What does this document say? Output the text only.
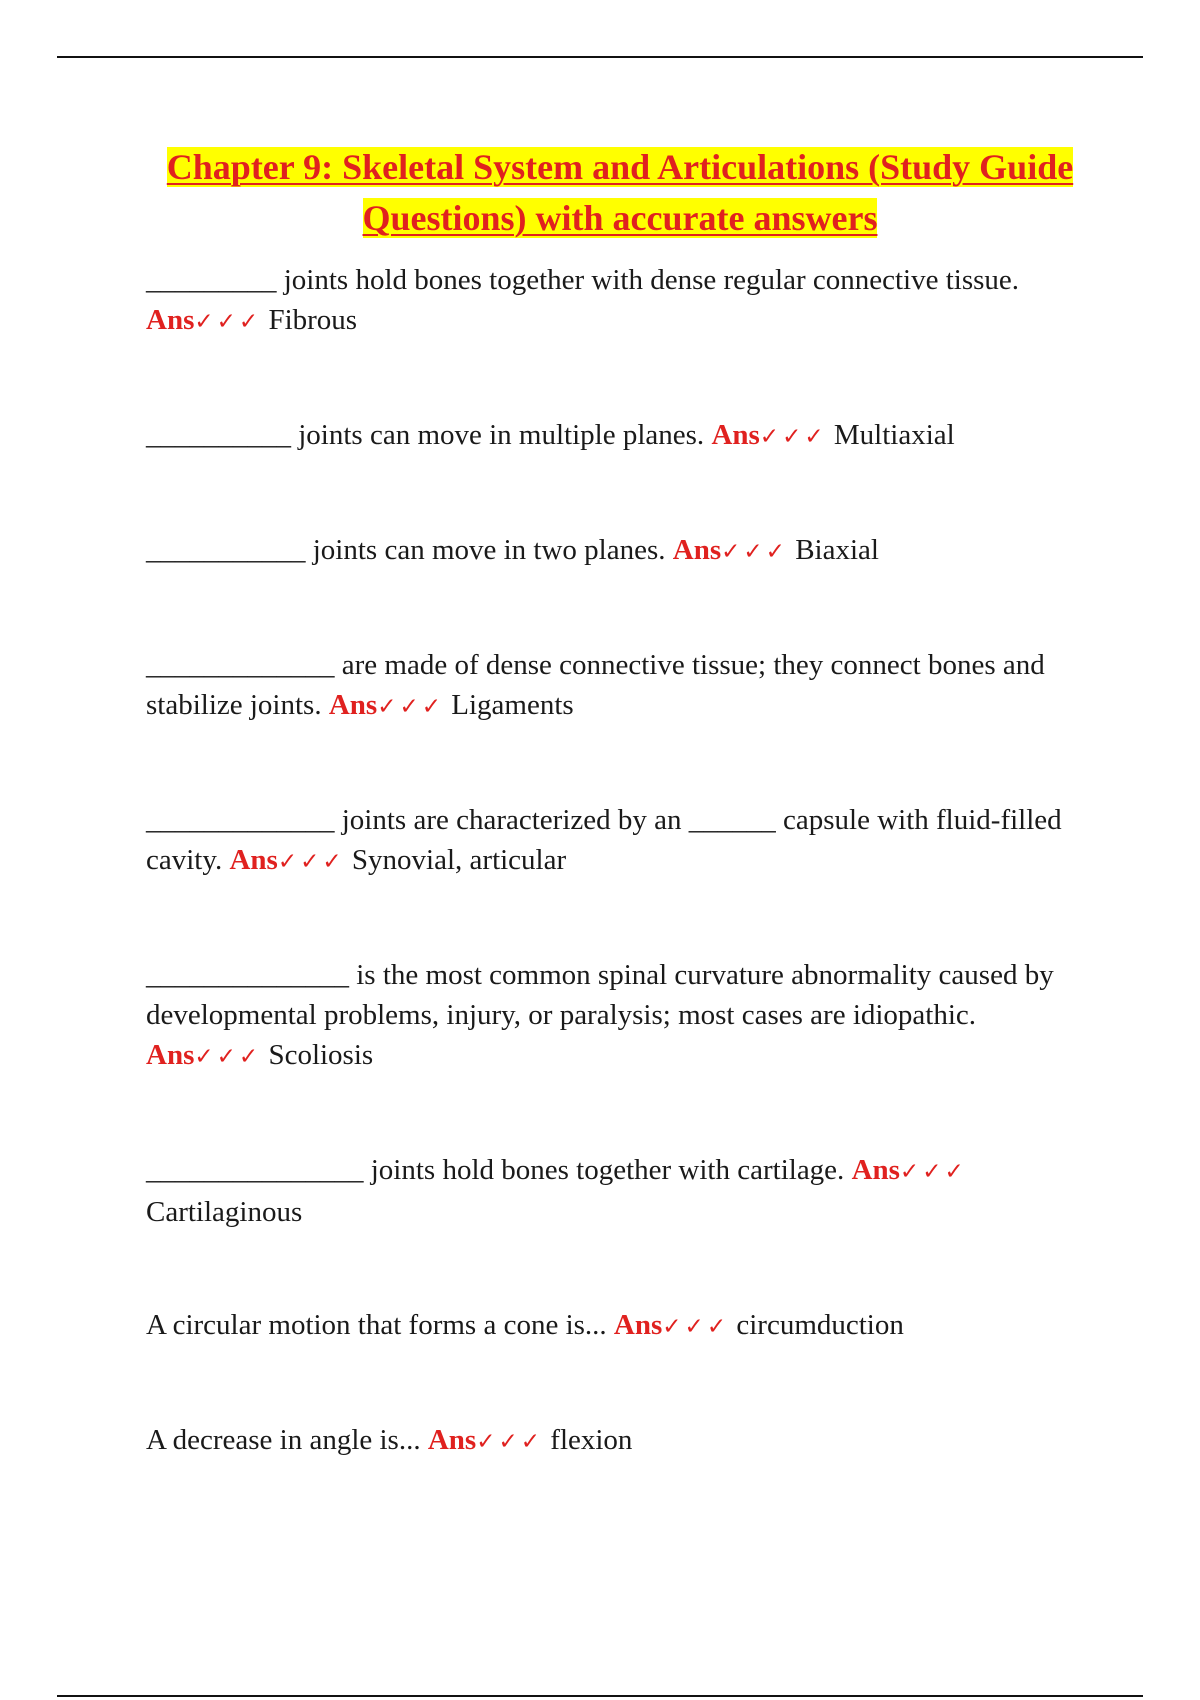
Chapter 9: Skeletal System and Articulations (Study Guide Questions) with accurate answers

_________ joints hold bones together with dense regular connective tissue. Ans✓✓✓ Fibrous

__________ joints can move in multiple planes. Ans✓✓✓ Multiaxial

___________ joints can move in two planes. Ans✓✓✓ Biaxial

_____________ are made of dense connective tissue; they connect bones and stabilize joints. Ans✓✓✓ Ligaments

_____________ joints are characterized by an ______ capsule with fluid-filled cavity. Ans✓✓✓ Synovial, articular

______________ is the most common spinal curvature abnormality caused by developmental problems, injury, or paralysis; most cases are idiopathic. Ans✓✓✓ Scoliosis

_______________ joints hold bones together with cartilage. Ans✓✓✓ Cartilaginous

A circular motion that forms a cone is... Ans✓✓✓ circumduction

A decrease in angle is... Ans✓✓✓ flexion
